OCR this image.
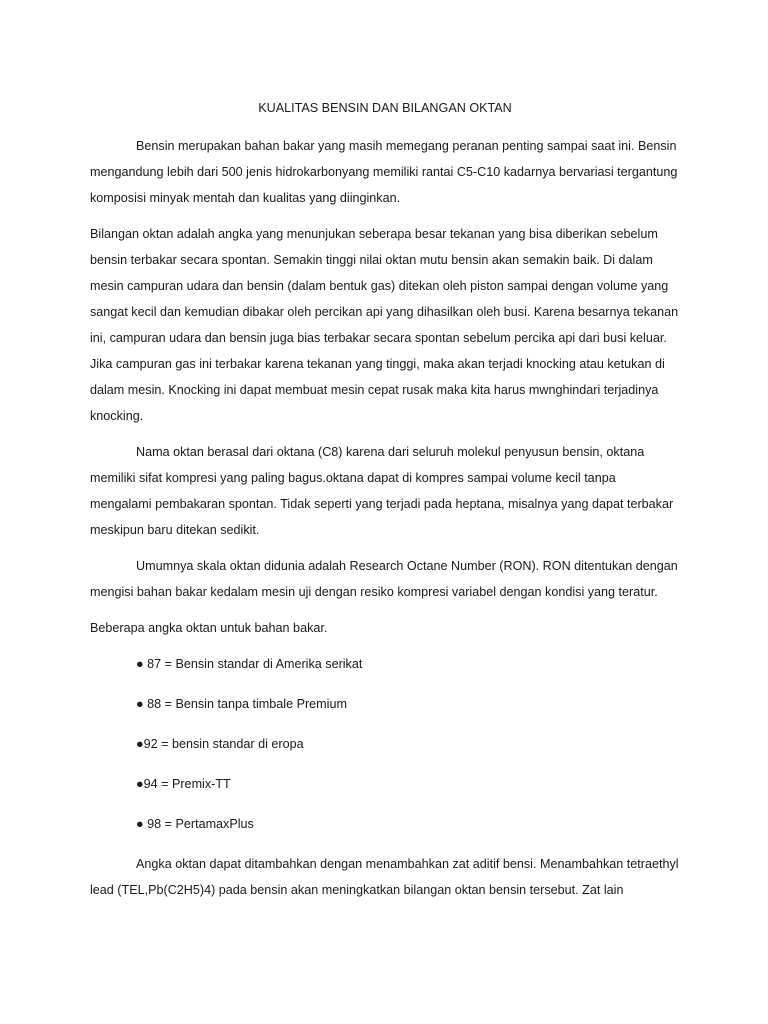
KUALITAS BENSIN DAN BILANGAN OKTAN

Bensin merupakan bahan bakar yang masih memegang peranan penting sampai saat ini. Bensin mengandung lebih dari 500 jenis hidrokarbonyang memiliki rantai C5-C10 kadarnya bervariasi tergantung komposisi minyak mentah dan kualitas yang diinginkan.

Bilangan oktan adalah angka yang menunjukan seberapa besar tekanan yang bisa diberikan sebelum bensin terbakar secara spontan. Semakin tinggi nilai oktan mutu bensin akan semakin baik. Di dalam mesin campuran udara dan bensin (dalam bentuk gas) ditekan oleh piston sampai dengan volume yang sangat kecil dan kemudian dibakar oleh percikan api yang dihasilkan oleh busi. Karena besarnya tekanan ini, campuran udara dan bensin juga bias terbakar secara spontan sebelum percika api dari busi keluar. Jika campuran gas ini terbakar karena tekanan yang tinggi, maka akan terjadi knocking atau ketukan di dalam mesin. Knocking ini dapat membuat mesin cepat rusak maka kita harus mwnghindari terjadinya knocking.

Nama oktan berasal dari oktana (C8) karena dari seluruh molekul penyusun bensin, oktana memiliki sifat kompresi yang paling bagus.oktana dapat di kompres sampai volume kecil tanpa mengalami pembakaran spontan. Tidak seperti yang terjadi pada heptana, misalnya yang dapat terbakar meskipun baru ditekan sedikit.

Umumnya skala oktan didunia adalah Research Octane Number (RON). RON ditentukan dengan mengisi bahan bakar kedalam mesin uji dengan resiko kompresi variabel dengan kondisi yang teratur.

Beberapa angka oktan untuk bahan bakar.

● 87 = Bensin standar di Amerika serikat
● 88 = Bensin tanpa timbale Premium
●92 = bensin standar di eropa
●94 = Premix-TT
● 98 = PertamaxPlus

Angka oktan dapat ditambahkan dengan menambahkan zat aditif bensi. Menambahkan tetraethyl lead (TEL,Pb(C2H5)4) pada bensin akan meningkatkan bilangan oktan bensin tersebut. Zat lain
